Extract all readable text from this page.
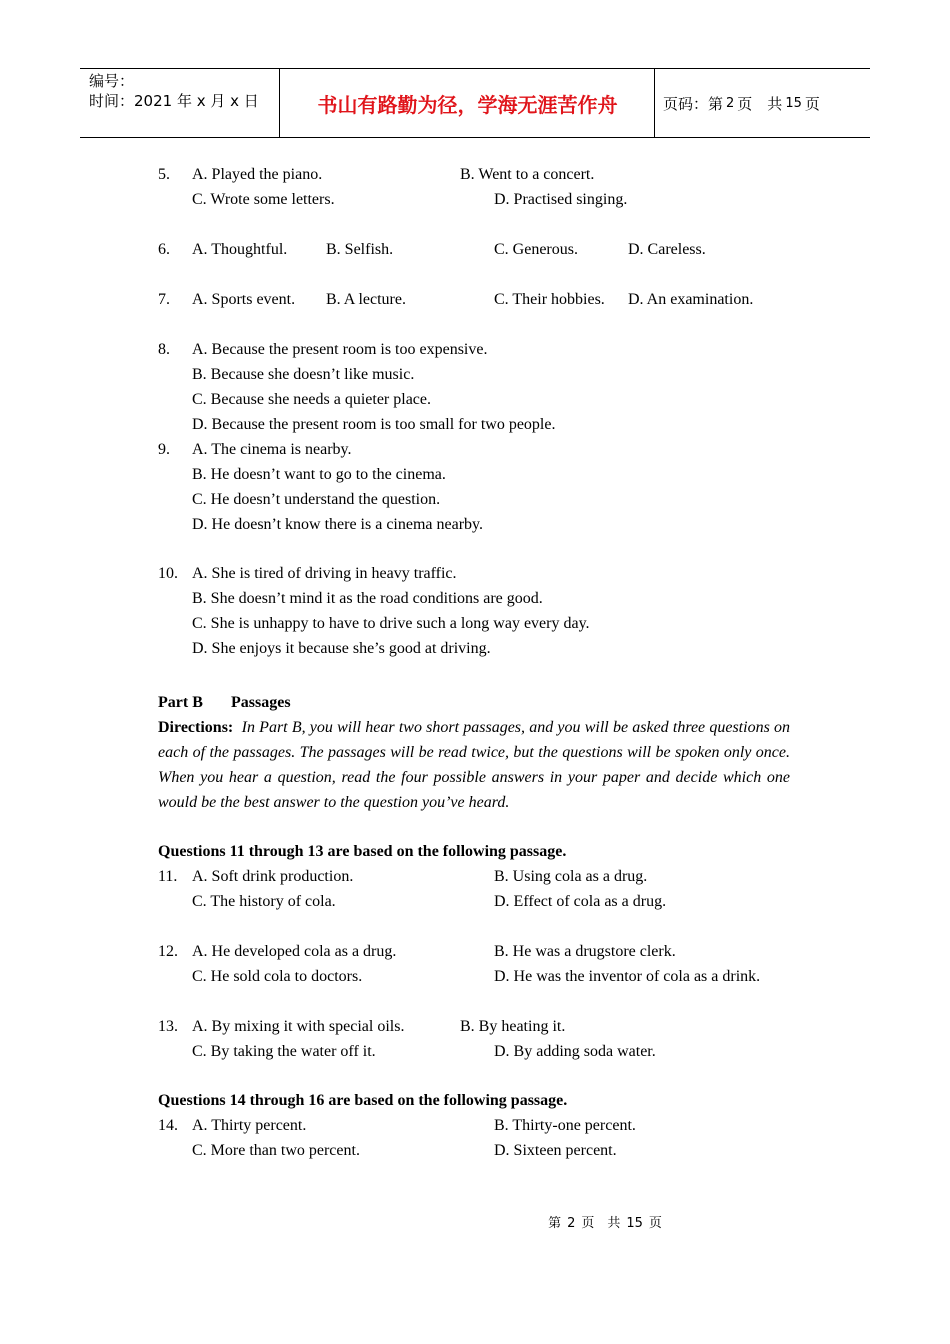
编号：
时间：2021 年 x 月 x 日	书山有路勤为径，学海无涯苦作舟	页码：第 2 页　共 15 页
5. A. Played the piano.	B. Went to a concert.
C. Wrote some letters.	D. Practised singing.
6. A. Thoughtful. B. Selfish.	C. Generous.	D. Careless.
7. A. Sports event. B. A lecture.	C. Their hobbies. D. An examination.
8. A. Because the present room is too expensive.
B. Because she doesn’t like music.
C. Because she needs a quieter place.
D. Because the present room is too small for two people.
9. A. The cinema is nearby.
B. He doesn’t want to go to the cinema.
C. He doesn’t understand the question.
D. He doesn’t know there is a cinema nearby.
10. A. She is tired of driving in heavy traffic.
B. She doesn’t mind it as the road conditions are good.
C. She is unhappy to have to drive such a long way every day.
D. She enjoys it because she’s good at driving.
Part B Passages
Directions: In Part B, you will hear two short passages, and you will be asked three questions on each of the passages. The passages will be read twice, but the questions will be spoken only once. When you hear a question, read the four possible answers in your paper and decide which one would be the best answer to the question you’ve heard.
Questions 11 through 13 are based on the following passage.
11. A. Soft drink production.	B. Using cola as a drug.
C. The history of cola.	D. Effect of cola as a drug.
12. A. He developed cola as a drug.	B. He was a drugstore clerk.
C. He sold cola to doctors.	D. He was the inventor of cola as a drink.
13. A. By mixing it with special oils.	B. By heating it.
C. By taking the water off it.	D. By adding soda water.
Questions 14 through 16 are based on the following passage.
14. A. Thirty percent.	B. Thirty-one percent.
C. More than two percent.	D. Sixteen percent.
第 2 页　共 15 页
